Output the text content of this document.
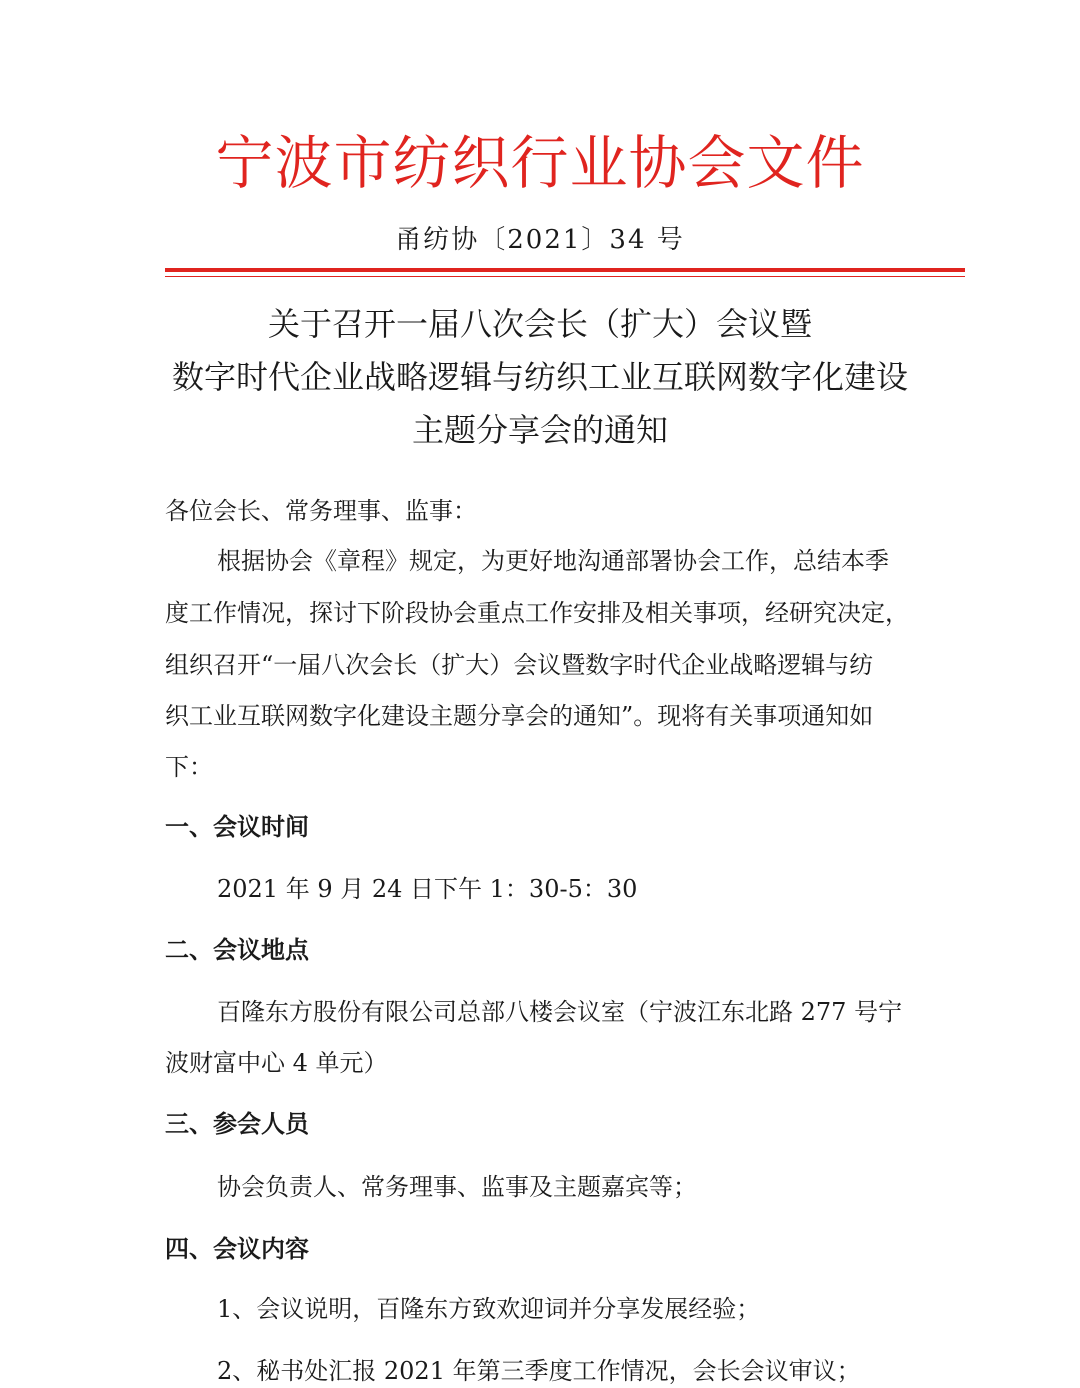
宁波市纺织行业协会文件
甬纺协〔2021〕34 号
关于召开一届八次会长（扩大）会议暨
数字时代企业战略逻辑与纺织工业互联网数字化建设
主题分享会的通知
各位会长、常务理事、监事：
根据协会《章程》规定，为更好地沟通部署协会工作，总结本季
度工作情况，探讨下阶段协会重点工作安排及相关事项，经研究决定，
组织召开“一届八次会长（扩大）会议暨数字时代企业战略逻辑与纺
织工业互联网数字化建设主题分享会的通知”。现将有关事项通知如
下：
一、会议时间
2021 年 9 月 24 日下午 1：30-5：30
二、会议地点
百隆东方股份有限公司总部八楼会议室（宁波江东北路 277 号宁
波财富中心 4 单元）
三、参会人员
协会负责人、常务理事、监事及主题嘉宾等；
四、会议内容
1、会议说明，百隆东方致欢迎词并分享发展经验；
2、秘书处汇报 2021 年第三季度工作情况，会长会议审议；
